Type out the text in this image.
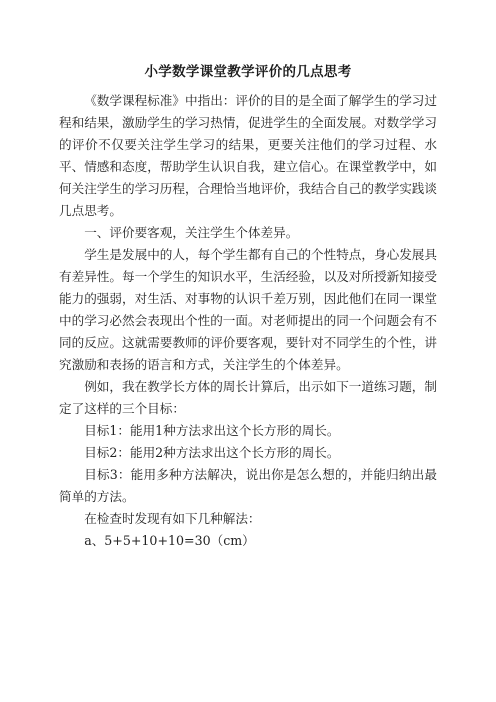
小学数学课堂教学评价的几点思考

《数学课程标准》中指出：评价的目的是全面了解学生的学习过程和结果，激励学生的学习热情，促进学生的全面发展。对数学学习的评价不仅要关注学生学习的结果，更要关注他们的学习过程、水平、情感和态度，帮助学生认识自我，建立信心。在课堂教学中，如何关注学生的学习历程，合理恰当地评价，我结合自己的教学实践谈几点思考。

一、评价要客观，关注学生个体差异。

学生是发展中的人，每个学生都有自己的个性特点，身心发展具有差异性。每一个学生的知识水平，生活经验，以及对所授新知接受能力的强弱，对生活、对事物的认识千差万别，因此他们在同一课堂中的学习必然会表现出个性的一面。对老师提出的同一个问题会有不同的反应。这就需要教师的评价要客观，要针对不同学生的个性，讲究激励和表扬的语言和方式，关注学生的个体差异。

例如，我在教学长方体的周长计算后，出示如下一道练习题，制定了这样的三个目标：

目标1：能用1种方法求出这个长方形的周长。

目标2：能用2种方法求出这个长方形的周长。

目标3：能用多种方法解决，说出你是怎么想的，并能归纳出最简单的方法。

在检查时发现有如下几种解法：

a、5+5+10+10=30（cm）
